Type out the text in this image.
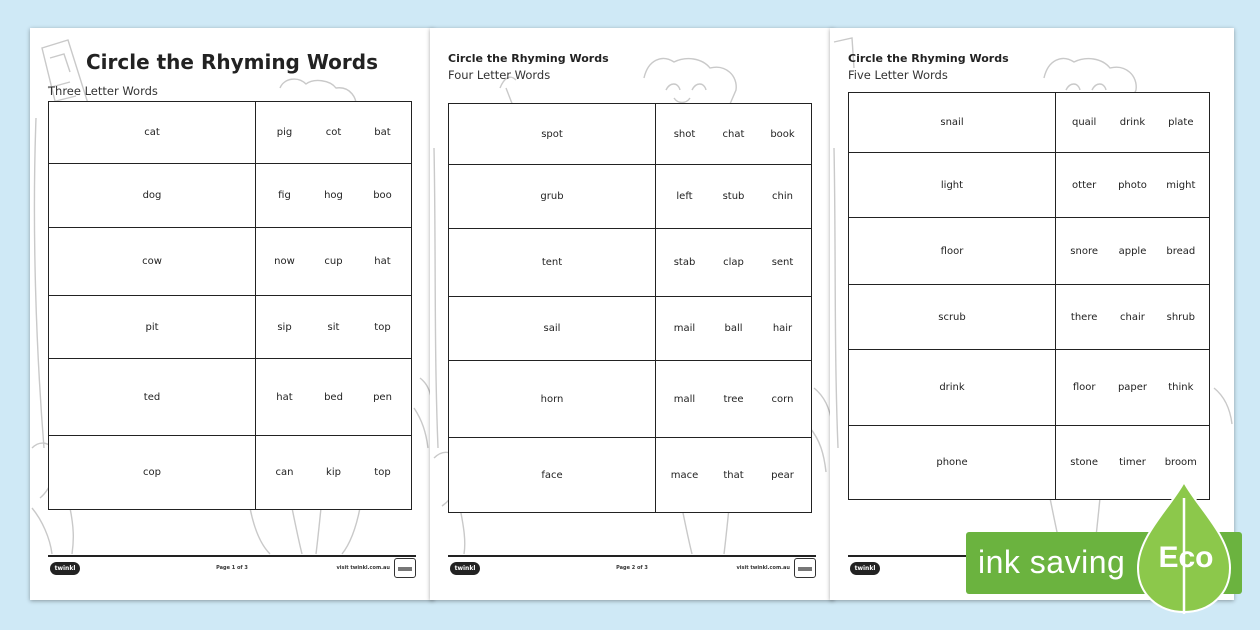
Circle the Rhyming Words
Three Letter Words
cat	pig cot bat

dog	fig hog boo

cow	now cup hat

pit	sip sit top

ted	hat bed pen

cop	can kip top
twinkl	Page 1 of 3	visit twinkl.com.au
Circle the Rhyming Words
Four Letter Words
spot	shot chat book

grub	left stub chin

tent	stab clap sent

sail	mail ball hair

horn	mall tree corn

face	mace that pear
twinkl	Page 2 of 3	visit twinkl.com.au
Circle the Rhyming Words
Five Letter Words
snail	quail drink plate

light	otter photo might

floor	snore apple bread

scrub	there chair shrub

drink	floor paper think

phone	stone timer broom
twinkl	ink saving Eco
